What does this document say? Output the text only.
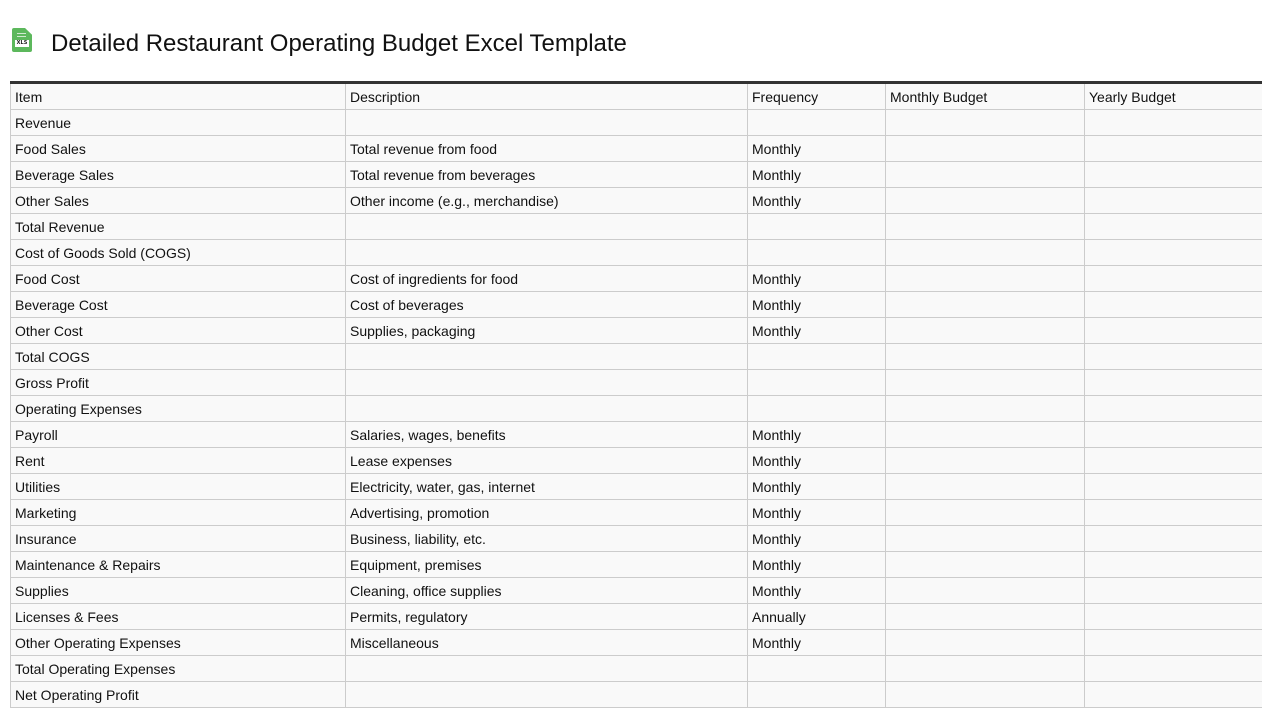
XLS Detailed Restaurant Operating Budget Excel Template
Item	Description	Frequency	Monthly Budget	Yearly Budget
Revenue				
Food Sales	Total revenue from food	Monthly		
Beverage Sales	Total revenue from beverages	Monthly		
Other Sales	Other income (e.g., merchandise)	Monthly		
Total Revenue				
Cost of Goods Sold (COGS)				
Food Cost	Cost of ingredients for food	Monthly		
Beverage Cost	Cost of beverages	Monthly		
Other Cost	Supplies, packaging	Monthly		
Total COGS				
Gross Profit				
Operating Expenses				
Payroll	Salaries, wages, benefits	Monthly		
Rent	Lease expenses	Monthly		
Utilities	Electricity, water, gas, internet	Monthly		
Marketing	Advertising, promotion	Monthly		
Insurance	Business, liability, etc.	Monthly		
Maintenance & Repairs	Equipment, premises	Monthly		
Supplies	Cleaning, office supplies	Monthly		
Licenses & Fees	Permits, regulatory	Annually		
Other Operating Expenses	Miscellaneous	Monthly		
Total Operating Expenses				
Net Operating Profit				
